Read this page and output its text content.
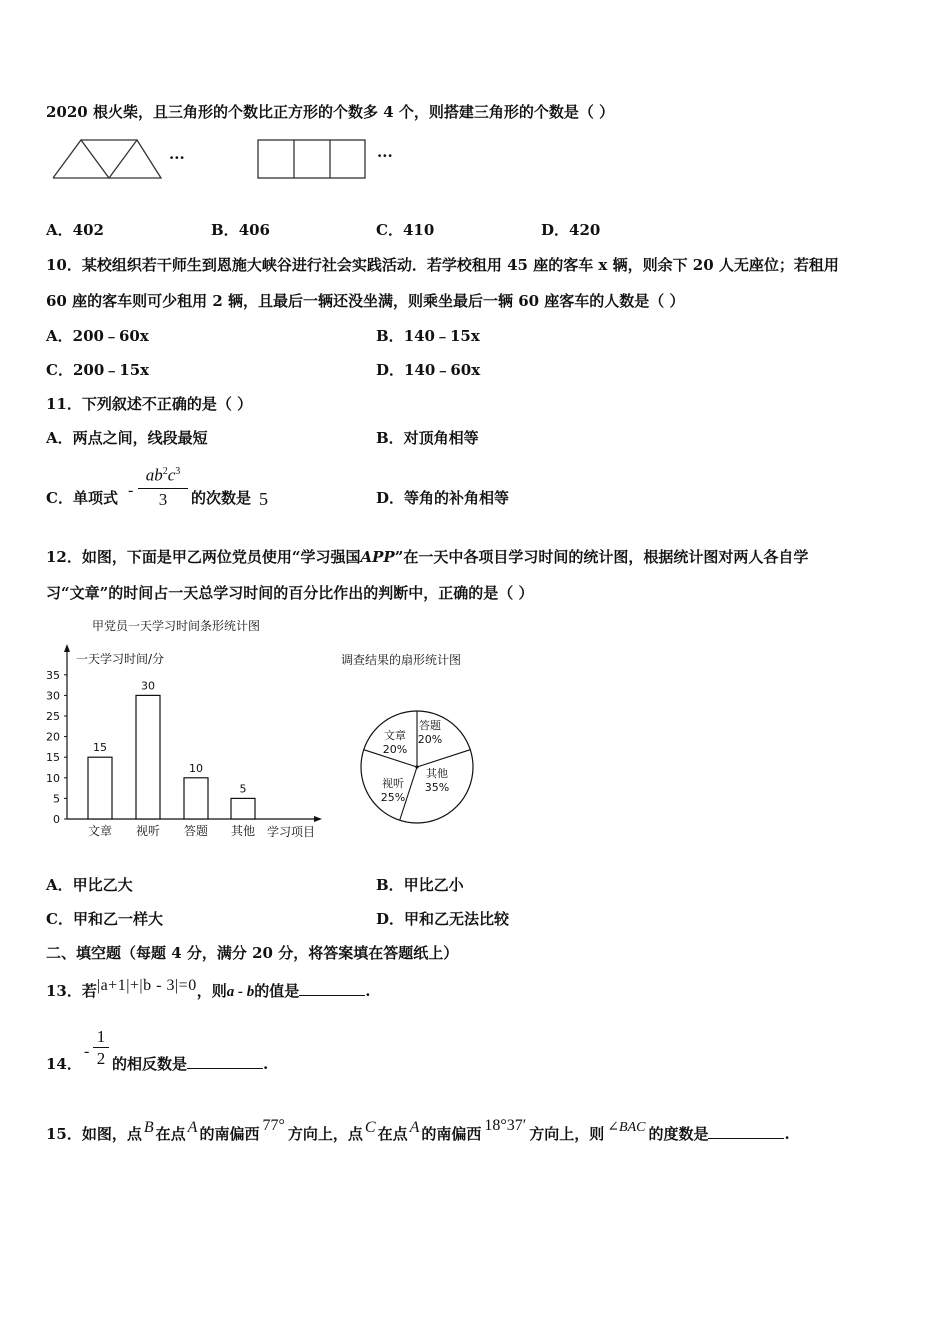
2020 根火柴，且三角形的个数比正方形的个数多 4 个，则搭建三角形的个数是（ ）
···	···
A．402	B．406	C．410	D．420
10．某校组织若干师生到恩施大峡谷进行社会实践活动．若学校租用 45 座的客车 x 辆，则余下 20 人无座位；若租用
60 座的客车则可少租用 2 辆，且最后一辆还没坐满，则乘坐最后一辆 60 座客车的人数是（ ）
A．200﹣60x	B．140﹣15x
C．200﹣15x	D．140﹣60x
11．下列叙述不正确的是（ ）
A．两点之间，线段最短	B．对顶角相等
C．单项式 - $\frac{ab^2c^3}{3}$ 的次数是 5	D．等角的补角相等
12．如图，下面是甲乙两位党员使用“学习强国APP”在一天中各项目学习时间的统计图，根据统计图对两人各自学
习“文章”的时间占一天总学习时间的百分比作出的判断中，正确的是（ ）
甲党员一天学习时间条形统计图
一天学习时间/分
0
5
10
15
20
25
30
35
15
文章
30
视听
10
答题
5
其他 学习项目
调查结果的扇形统计图
文章
20%
答题
20%
其他
35%
视听
25%
A．甲比乙大	B．甲比乙小
C．甲和乙一样大	D．甲和乙无法比较
二、填空题（每题 4 分，满分 20 分，将答案填在答题纸上）
13．若|a+1|+|b - 3|=0，则a - b的值是	.
14．
- $\frac{1}{2}$ 的相反数是	.
15．如图，点 B 在点 A 的南偏西 77° 方向上，点 C 在点 A 的南偏西 18°37′ 方向上，则 ∠BAC 的度数是	.
